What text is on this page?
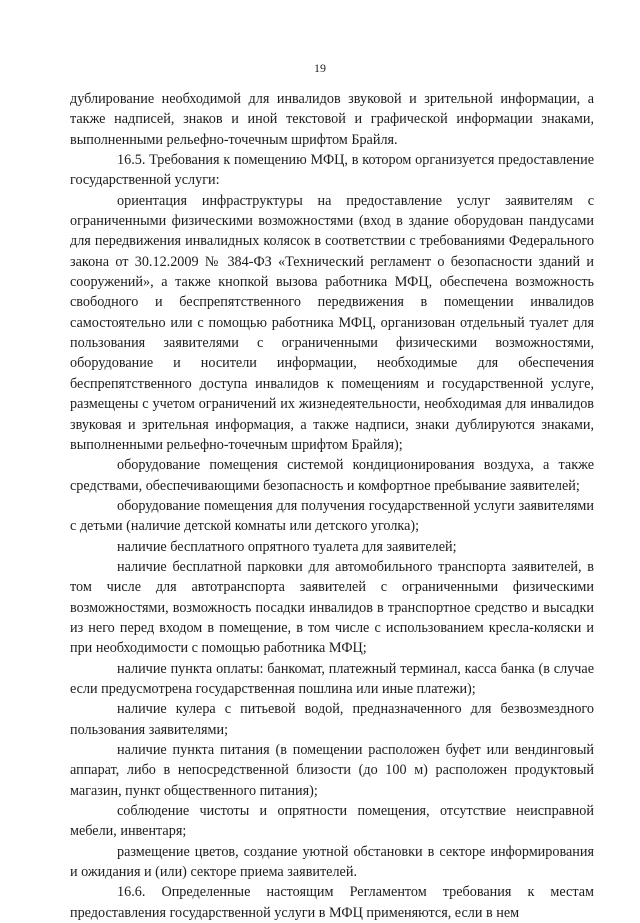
19

дублирование необходимой для инвалидов звуковой и зрительной информации, а также надписей, знаков и иной текстовой и графической информации знаками, выполненными рельефно-точечным шрифтом Брайля.

16.5. Требования к помещению МФЦ, в котором организуется предоставление государственной услуги:

ориентация инфраструктуры на предоставление услуг заявителям с ограниченными физическими возможностями (вход в здание оборудован пандусами для передвижения инвалидных колясок в соответствии с требованиями Федерального закона от 30.12.2009 № 384-ФЗ «Технический регламент о безопасности зданий и сооружений», а также кнопкой вызова работника МФЦ, обеспечена возможность свободного и беспрепятственного передвижения в помещении инвалидов самостоятельно или с помощью работника МФЦ, организован отдельный туалет для пользования заявителями с ограниченными физическими возможностями, оборудование и носители информации, необходимые для обеспечения беспрепятственного доступа инвалидов к помещениям и государственной услуге, размещены с учетом ограничений их жизнедеятельности, необходимая для инвалидов звуковая и зрительная информация, а также надписи, знаки дублируются знаками, выполненными рельефно-точечным шрифтом Брайля);

оборудование помещения системой кондиционирования воздуха, а также средствами, обеспечивающими безопасность и комфортное пребывание заявителей;

оборудование помещения для получения государственной услуги заявителями с детьми (наличие детской комнаты или детского уголка);

наличие бесплатного опрятного туалета для заявителей;

наличие бесплатной парковки для автомобильного транспорта заявителей, в том числе для автотранспорта заявителей с ограниченными физическими возможностями, возможность посадки инвалидов в транспортное средство и высадки из него перед входом в помещение, в том числе с использованием кресла-коляски и при необходимости с помощью работника МФЦ;

наличие пункта оплаты: банкомат, платежный терминал, касса банка (в случае если предусмотрена государственная пошлина или иные платежи);

наличие кулера с питьевой водой, предназначенного для безвозмездного пользования заявителями;

наличие пункта питания (в помещении расположен буфет или вендинговый аппарат, либо в непосредственной близости (до 100 м) расположен продуктовый магазин, пункт общественного питания);

соблюдение чистоты и опрятности помещения, отсутствие неисправной мебели, инвентаря;

размещение цветов, создание уютной обстановки в секторе информирования и ожидания и (или) секторе приема заявителей.

16.6. Определенные настоящим Регламентом требования к местам предоставления государственной услуги в МФЦ применяются, если в нем
